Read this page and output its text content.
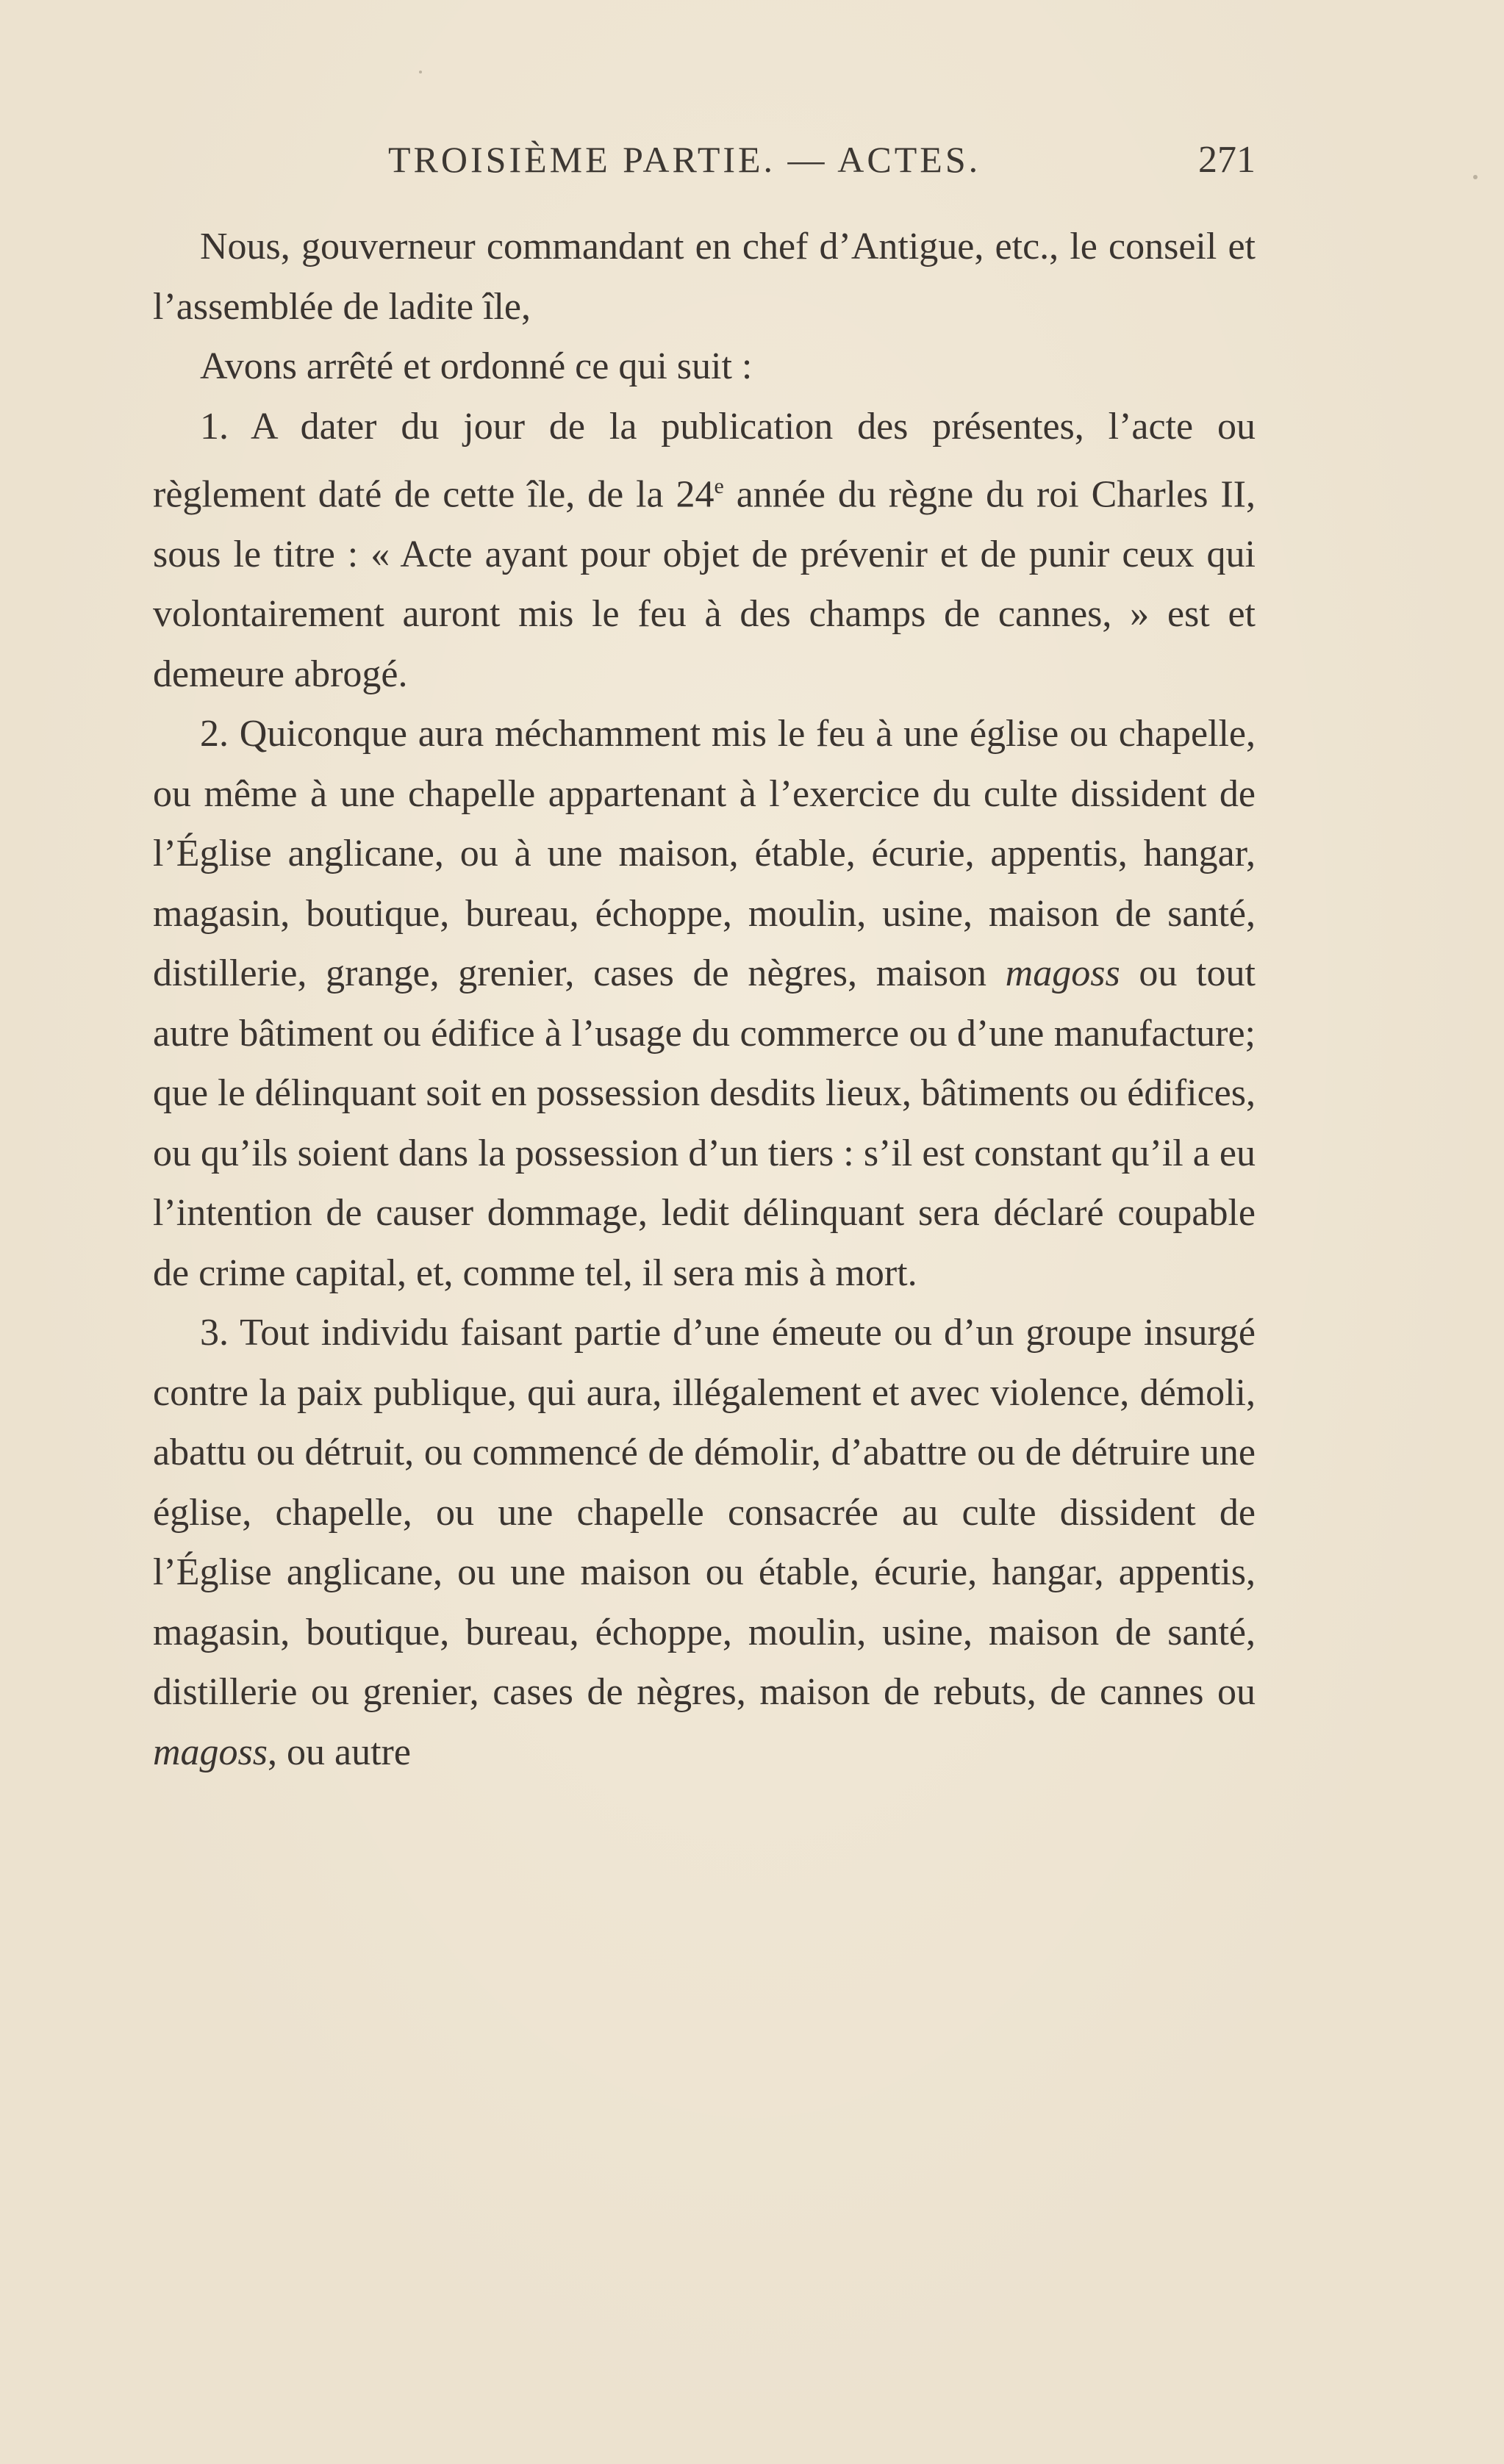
TROISIÈME PARTIE. — ACTES.	271

Nous, gouverneur commandant en chef d’Antigue, etc., le conseil et l’assemblée de ladite île,

Avons arrêté et ordonné ce qui suit :

1. A dater du jour de la publication des présentes, l’acte ou règlement daté de cette île, de la 24e année du règne du roi Charles II, sous le titre : « Acte ayant pour objet de prévenir et de punir ceux qui volontairement auront mis le feu à des champs de cannes, » est et demeure abrogé.

2. Quiconque aura méchamment mis le feu à une église ou chapelle, ou même à une chapelle appartenant à l’exercice du culte dissident de l’Église anglicane, ou à une maison, étable, écurie, appentis, hangar, magasin, boutique, bureau, échoppe, moulin, usine, maison de santé, distillerie, grange, grenier, cases de nègres, maison magoss ou tout autre bâtiment ou édifice à l’usage du commerce ou d’une manufacture; que le délinquant soit en possession desdits lieux, bâtiments ou édifices, ou qu’ils soient dans la possession d’un tiers : s’il est constant qu’il a eu l’intention de causer dommage, ledit délinquant sera déclaré coupable de crime capital, et, comme tel, il sera mis à mort.

3. Tout individu faisant partie d’une émeute ou d’un groupe insurgé contre la paix publique, qui aura, illégalement et avec violence, démoli, abattu ou détruit, ou commencé de démolir, d’abattre ou de détruire une église, chapelle, ou une chapelle consacrée au culte dissident de l’Église anglicane, ou une maison ou étable, écurie, hangar, appentis, magasin, boutique, bureau, échoppe, moulin, usine, maison de santé, distillerie ou grenier, cases de nègres, maison de rebuts, de cannes ou magoss, ou autre
